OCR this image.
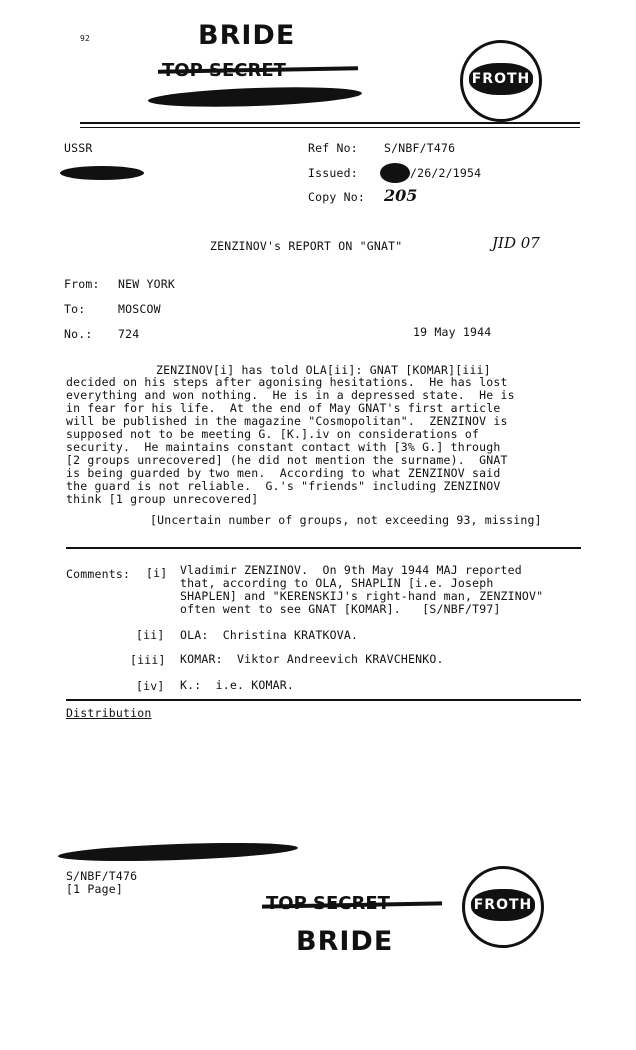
92	BRIDE
FROTH
USSR	Ref No: S/NBF/T476
Issued:	/26/2/1954
Copy No: 205
ZENZINOV's REPORT ON "GNAT"	JID 07
From: NEW YORK
To:	MOSCOW
No.: 724	19 May 1944
ZENZINOV[i] has told OLA[ii]: GNAT [KOMAR][iii]
decided on his steps after agonising hesitations.  He has lost
everything and won nothing.  He is in a depressed state.  He is
in fear for his life.  At the end of May GNAT's first article
will be published in the magazine "Cosmopolitan".  ZENZINOV is
supposed not to be meeting G. [K.].iv on considerations of
security.  He maintains constant contact with [3% G.] through
[2 groups unrecovered] (he did not mention the surname).  GNAT
is being guarded by two men.  According to what ZENZINOV said
the guard is not reliable.  G.'s "friends" including ZENZINOV
think [1 group unrecovered]
[Uncertain number of groups, not exceeding 93, missing]
Comments: [i] Vladimir ZENZINOV.  On 9th May 1944 MAJ reported
that, according to OLA, SHAPLIN [i.e. Joseph
SHAPLEN] and "KERENSKIJ's right-hand man, ZENZINOV"
often went to see GNAT [KOMAR].   [S/NBF/T97]
[ii] OLA:  Christina KRATKOVA.
[iii] KOMAR:  Viktor Andreevich KRAVCHENKO.
[iv] K.:  i.e. KOMAR.
Distribution
S/NBF/T476
[1 Page]
BRIDE
FROTH
